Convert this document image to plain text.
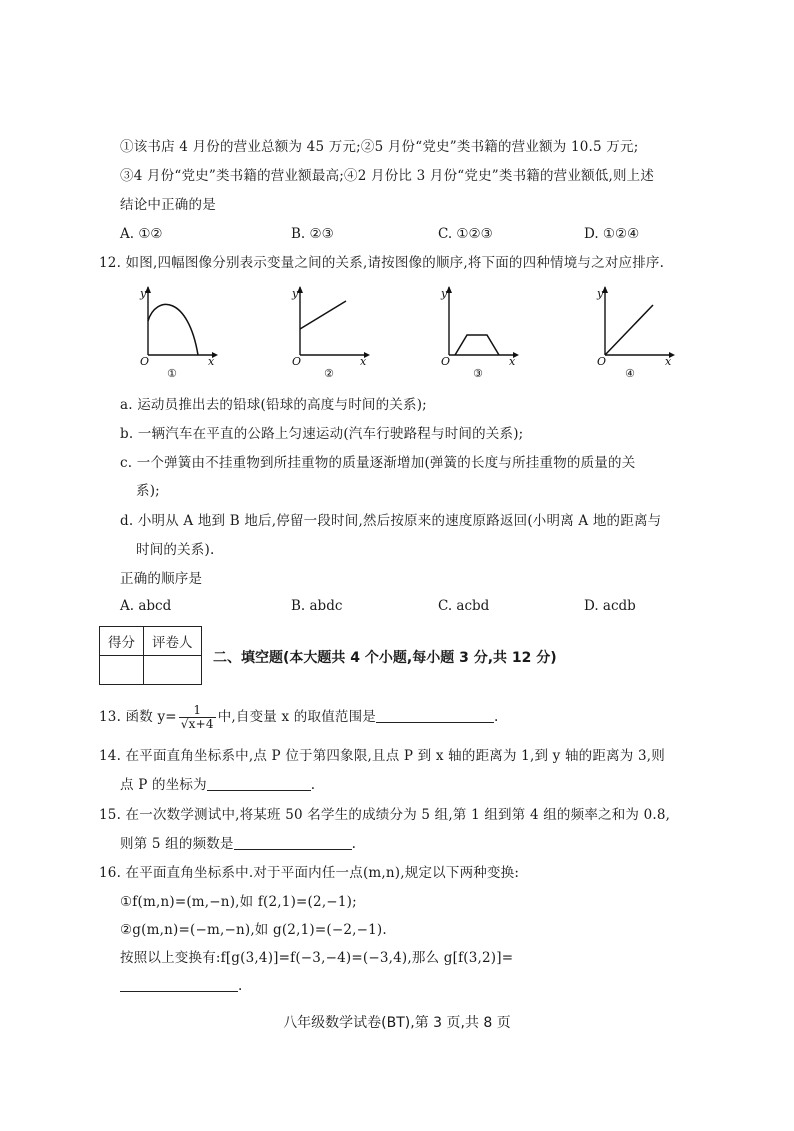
①该书店 4 月份的营业总额为 45 万元;②5 月份“党史”类书籍的营业额为 10.5 万元;
③4 月份“党史”类书籍的营业额最高;④2 月份比 3 月份“党史”类书籍的营业额低,则上述
结论中正确的是
A. ①②	B. ②③	C. ①②③	D. ①②④
12. 如图,四幅图像分别表示变量之间的关系,请按图像的顺序,将下面的四种情境与之对应排序.
O
y
x
①
O
y
x
②
O
y
x
③
O
y
x
④
a. 运动员推出去的铅球(铅球的高度与时间的关系);
b. 一辆汽车在平直的公路上匀速运动(汽车行驶路程与时间的关系);
c. 一个弹簧由不挂重物到所挂重物的质量逐渐增加(弹簧的长度与所挂重物的质量的关
系);
d. 小明从 A 地到 B 地后,停留一段时间,然后按原来的速度原路返回(小明离 A 地的距离与
时间的关系).
正确的顺序是
A. abcd	B. abdc	C. acbd	D. acdb
得分	评卷人

二、填空题(本大题共 4 个小题,每小题 3 分,共 12 分)
13. 函数 $y= \frac{1}{√x+4}$ 中,自变量 x 的取值范围是	.
14. 在平面直角坐标系中,点 P 位于第四象限,且点 P 到 x 轴的距离为 1,到 y 轴的距离为 3,则
点 P 的坐标为	.
15. 在一次数学测试中,将某班 50 名学生的成绩分为 5 组,第 1 组到第 4 组的频率之和为 0.8,
则第 5 组的频数是	.
16. 在平面直角坐标系中.对于平面内任一点(m,n),规定以下两种变换:
①f(m,n)=(m,−n),如 f(2,1)=(2,−1);
②g(m,n)=(−m,−n),如 g(2,1)=(−2,−1).
按照以上变换有:f[g(3,4)]=f(−3,−4)=(−3,4),那么 g[f(3,2)]=
.
八年级数学试卷(BT),第 3 页,共 8 页
